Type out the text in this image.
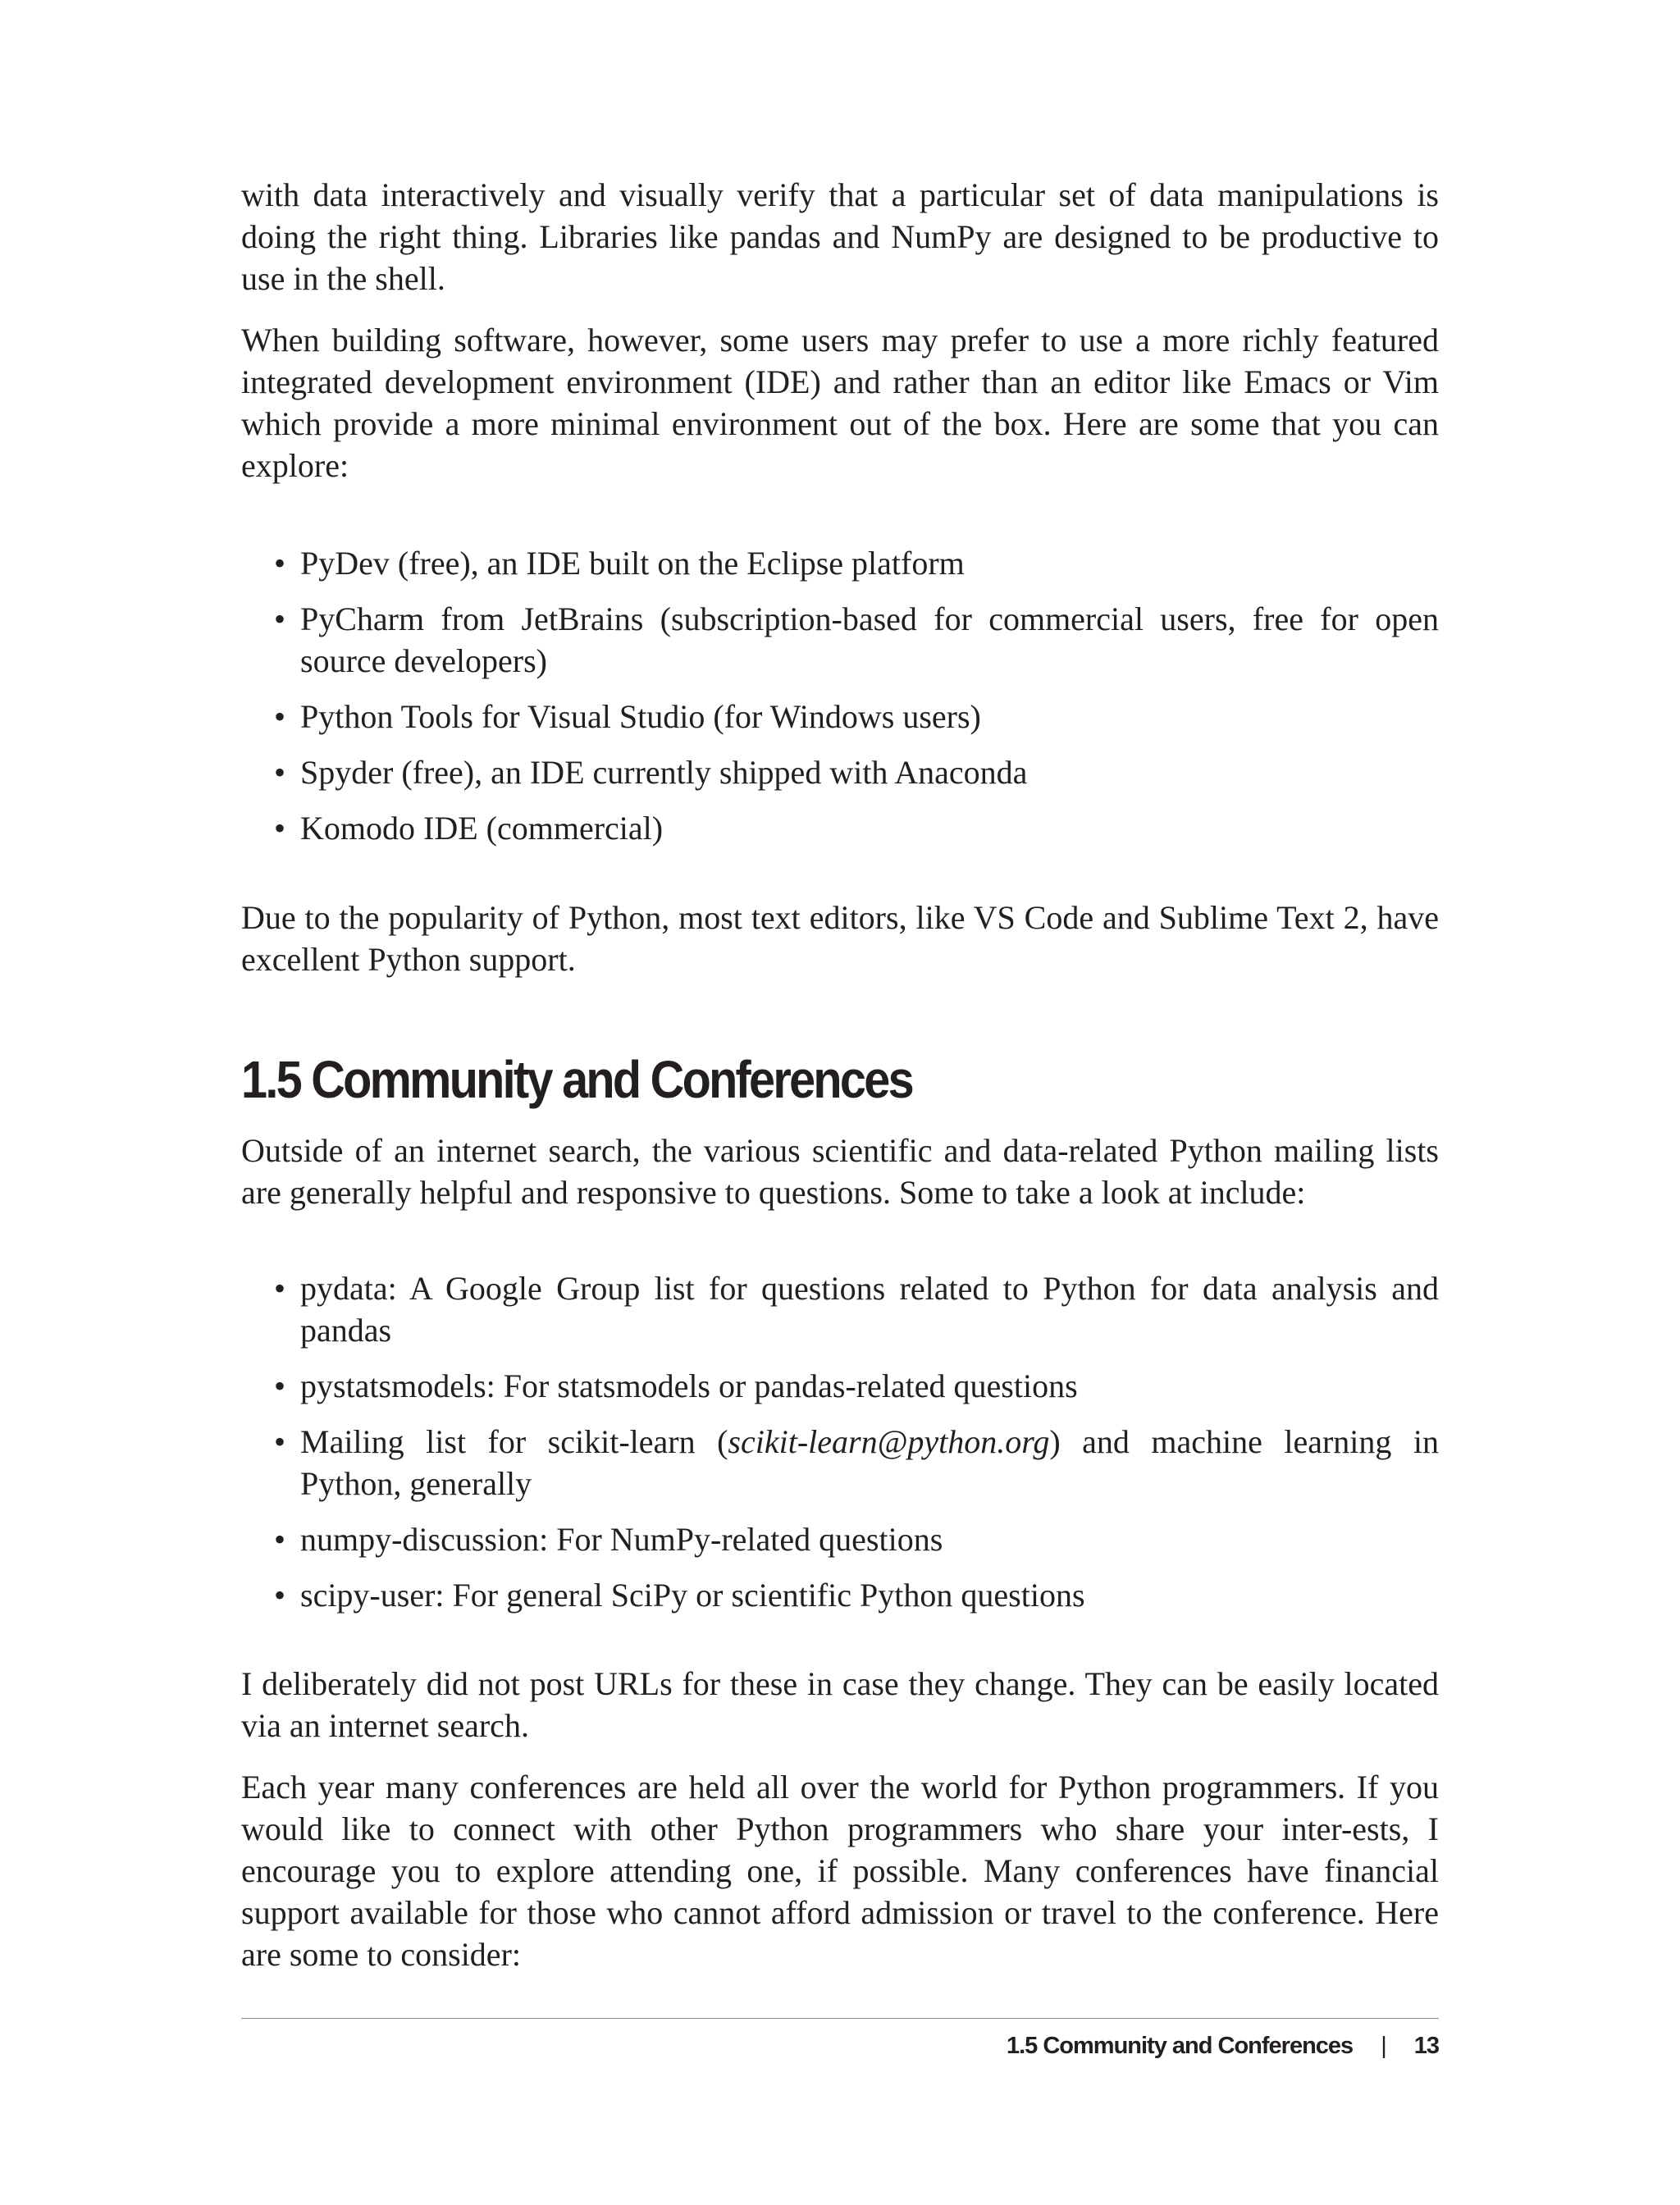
with data interactively and visually verify that a particular set of data manipulations is doing the right thing. Libraries like pandas and NumPy are designed to be productive to use in the shell.

When building software, however, some users may prefer to use a more richly featured integrated development environment (IDE) and rather than an editor like Emacs or Vim which provide a more minimal environment out of the box. Here are some that you can explore:

• PyDev (free), an IDE built on the Eclipse platform
• PyCharm from JetBrains (subscription-based for commercial users, free for open source developers)
• Python Tools for Visual Studio (for Windows users)
• Spyder (free), an IDE currently shipped with Anaconda
• Komodo IDE (commercial)

Due to the popularity of Python, most text editors, like VS Code and Sublime Text 2, have excellent Python support.

1.5 Community and Conferences

Outside of an internet search, the various scientific and data-related Python mailing lists are generally helpful and responsive to questions. Some to take a look at include:

• pydata: A Google Group list for questions related to Python for data analysis and pandas
• pystatsmodels: For statsmodels or pandas-related questions
• Mailing list for scikit-learn (scikit-learn@python.org) and machine learning in Python, generally
• numpy-discussion: For NumPy-related questions
• scipy-user: For general SciPy or scientific Python questions

I deliberately did not post URLs for these in case they change. They can be easily located via an internet search.

Each year many conferences are held all over the world for Python programmers. If you would like to connect with other Python programmers who share your inter-ests, I encourage you to explore attending one, if possible. Many conferences have financial support available for those who cannot afford admission or travel to the conference. Here are some to consider:

1.5 Community and Conferences | 13
